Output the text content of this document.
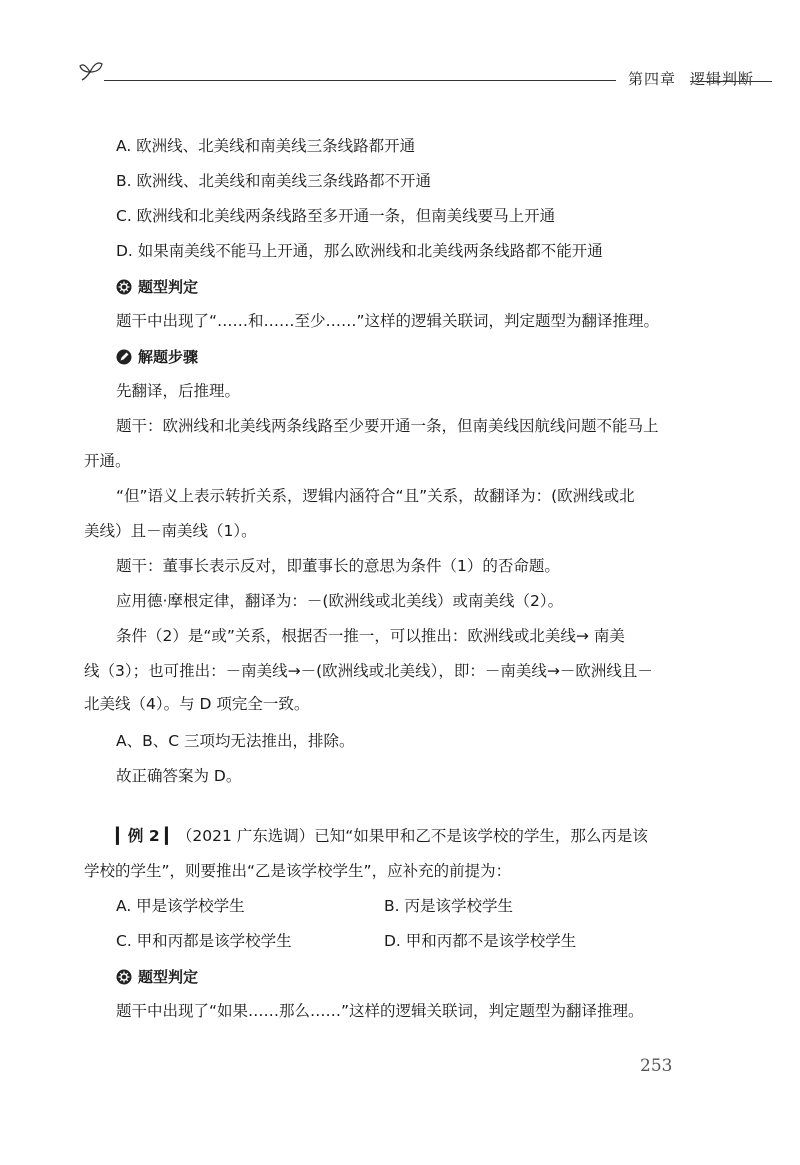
第四章 逻辑判断
A. 欧洲线、北美线和南美线三条线路都开通
B. 欧洲线、北美线和南美线三条线路都不开通
C. 欧洲线和北美线两条线路至多开通一条，但南美线要马上开通
D. 如果南美线不能马上开通，那么欧洲线和北美线两条线路都不能开通
题型判定
题干中出现了“……和……至少……”这样的逻辑关联词，判定题型为翻译推理。
解题步骤
先翻译，后推理。
题干：欧洲线和北美线两条线路至少要开通一条，但南美线因航线问题不能马上
开通。
“但”语义上表示转折关系，逻辑内涵符合“且”关系，故翻译为：(欧洲线或北
美线）且－南美线（1）。
题干：董事长表示反对，即董事长的意思为条件（1）的否命题。
应用德·摩根定律，翻译为：－(欧洲线或北美线）或南美线（2）。
条件（2）是“或”关系，根据否一推一，可以推出：欧洲线或北美线→ 南美
线（3）；也可推出：－南美线→－(欧洲线或北美线），即：－南美线→－欧洲线且－
北美线（4）。与 D 项完全一致。
A、B、C 三项均无法推出，排除。
故正确答案为 D。
▎例 2 ▎（2021 广东选调）已知“如果甲和乙不是该学校的学生，那么丙是该
学校的学生”，则要推出“乙是该学校学生”，应补充的前提为：
A. 甲是该学校学生	B. 丙是该学校学生
C. 甲和丙都是该学校学生	D. 甲和丙都不是该学校学生
题型判定
题干中出现了“如果……那么……”这样的逻辑关联词，判定题型为翻译推理。
253
